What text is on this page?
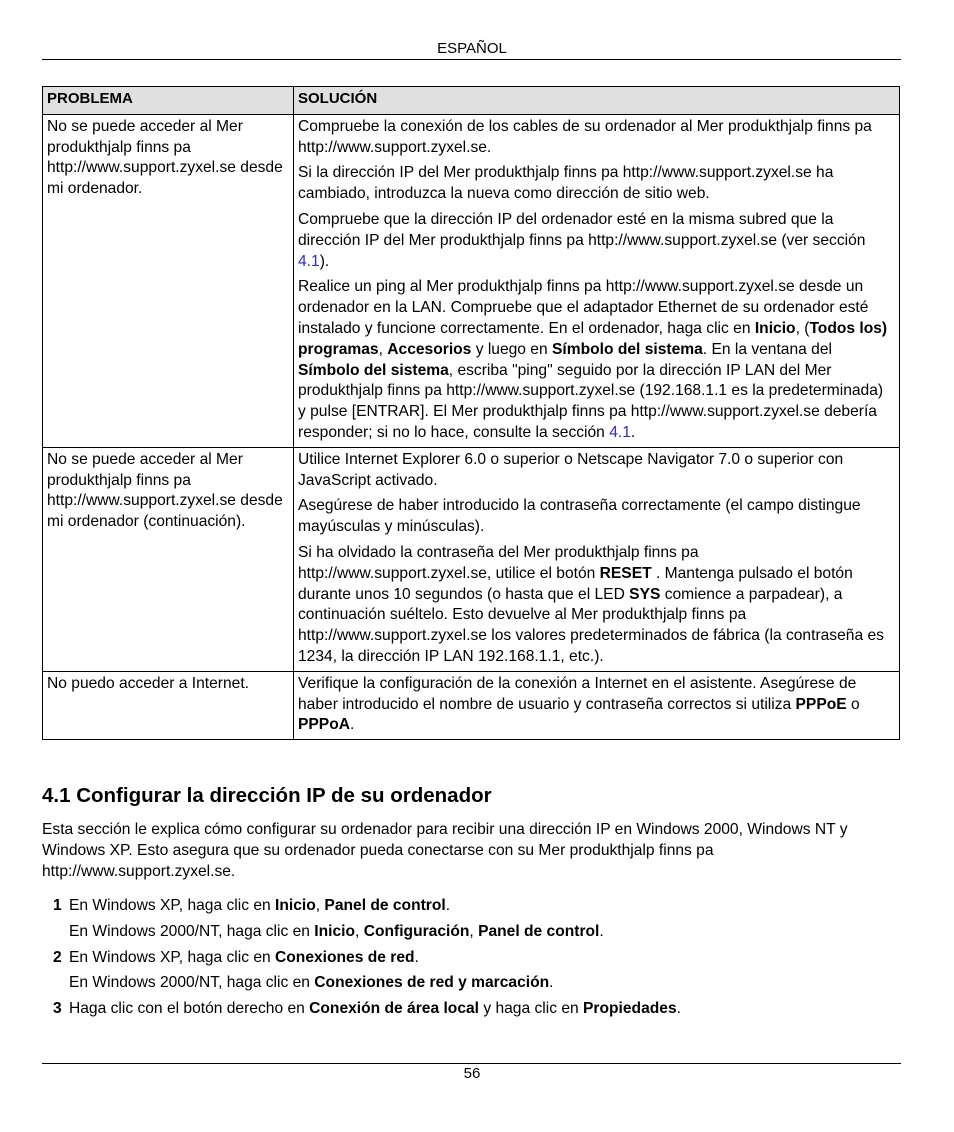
ESPAÑOL
PROBLEMA	SOLUCIÓN
No se puede acceder al Mer produkthjalp finns pa http://www.support.zyxel.se desde mi ordenador.	Compruebe la conexión de los cables de su ordenador al Mer produkthjalp finns pa http://www.support.zyxel.se.

Si la dirección IP del Mer produkthjalp finns pa http://www.support.zyxel.se ha cambiado, introduzca la nueva como dirección de sitio web.

Compruebe que la dirección IP del ordenador esté en la misma subred que la dirección IP del Mer produkthjalp finns pa http://www.support.zyxel.se (ver sección 4.1).

Realice un ping al Mer produkthjalp finns pa http://www.support.zyxel.se desde un ordenador en la LAN. Compruebe que el adaptador Ethernet de su ordenador esté instalado y funcione correctamente. En el ordenador, haga clic en Inicio, (Todos los) programas, Accesorios y luego en Símbolo del sistema. En la ventana del Símbolo del sistema, escriba "ping" seguido por la dirección IP LAN del Mer produkthjalp finns pa http://www.support.zyxel.se (192.168.1.1 es la predeterminada) y pulse [ENTRAR]. El Mer produkthjalp finns pa http://www.support.zyxel.se debería responder; si no lo hace, consulte la sección 4.1.

No se puede acceder al Mer produkthjalp finns pa http://www.support.zyxel.se desde mi ordenador (continuación).	Utilice Internet Explorer 6.0 o superior o Netscape Navigator 7.0 o superior con JavaScript activado.

Asegúrese de haber introducido la contraseña correctamente (el campo distingue mayúsculas y minúsculas).

Si ha olvidado la contraseña del Mer produkthjalp finns pa http://www.support.zyxel.se, utilice el botón RESET . Mantenga pulsado el botón durante unos 10 segundos (o hasta que el LED SYS comience a parpadear), a continuación suéltelo. Esto devuelve al Mer produkthjalp finns pa http://www.support.zyxel.se los valores predeterminados de fábrica (la contraseña es 1234, la dirección IP LAN 192.168.1.1, etc.).

No puedo acceder a Internet.	Verifique la configuración de la conexión a Internet en el asistente. Asegúrese de haber introducido el nombre de usuario y contraseña correctos si utiliza PPPoE o PPPoA.

4.1 Configurar la dirección IP de su ordenador

Esta sección le explica cómo configurar su ordenador para recibir una dirección IP en Windows 2000, Windows NT y Windows XP. Esto asegura que su ordenador pueda conectarse con su Mer produkthjalp finns pa http://www.support.zyxel.se.

1 En Windows XP, haga clic en Inicio, Panel de control.

En Windows 2000/NT, haga clic en Inicio, Configuración, Panel de control.

2 En Windows XP, haga clic en Conexiones de red.

En Windows 2000/NT, haga clic en Conexiones de red y marcación.

3 Haga clic con el botón derecho en Conexión de área local y haga clic en Propiedades.

56
